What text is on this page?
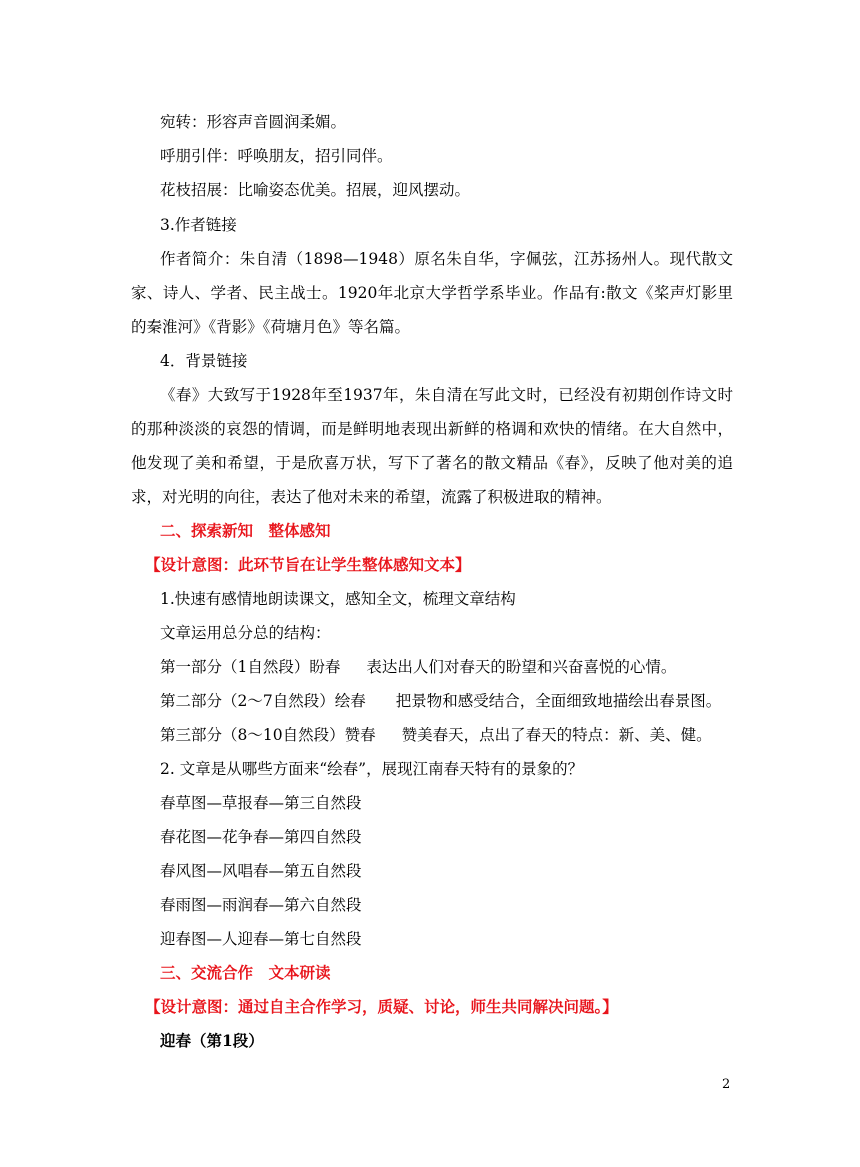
宛转：形容声音圆润柔媚。
呼朋引伴：呼唤朋友，招引同伴。
花枝招展：比喻姿态优美。招展，迎风摆动。
3.作者链接
作者简介：朱自清（1898—1948）原名朱自华，字佩弦，江苏扬州人。现代散文家、诗人、学者、民主战士。1920年北京大学哲学系毕业。作品有:散文《桨声灯影里的秦淮河》《背影》《荷塘月色》等名篇。
4．背景链接
《春》大致写于1928年至1937年，朱自清在写此文时，已经没有初期创作诗文时的那种淡淡的哀怨的情调，而是鲜明地表现出新鲜的格调和欢快的情绪。在大自然中，他发现了美和希望，于是欣喜万状，写下了著名的散文精品《春》，反映了他对美的追求，对光明的向往，表达了他对未来的希望，流露了积极进取的精神。
二、探索新知　整体感知
【设计意图：此环节旨在让学生整体感知文本】
1.快速有感情地朗读课文，感知全文，梳理文章结构
文章运用总分总的结构：
第一部分（1自然段）盼春 表达出人们对春天的盼望和兴奋喜悦的心情。
第二部分（2～7自然段）绘春 把景物和感受结合，全面细致地描绘出春景图。
第三部分（8～10自然段）赞春 赞美春天，点出了春天的特点：新、美、健。
2. 文章是从哪些方面来“绘春”，展现江南春天特有的景象的？
春草图—草报春—第三自然段
春花图—花争春—第四自然段
春风图—风唱春—第五自然段
春雨图—雨润春—第六自然段
迎春图—人迎春—第七自然段
三、交流合作　文本研读
【设计意图：通过自主合作学习，质疑、讨论，师生共同解决问题。】
迎春（第1段）
2
